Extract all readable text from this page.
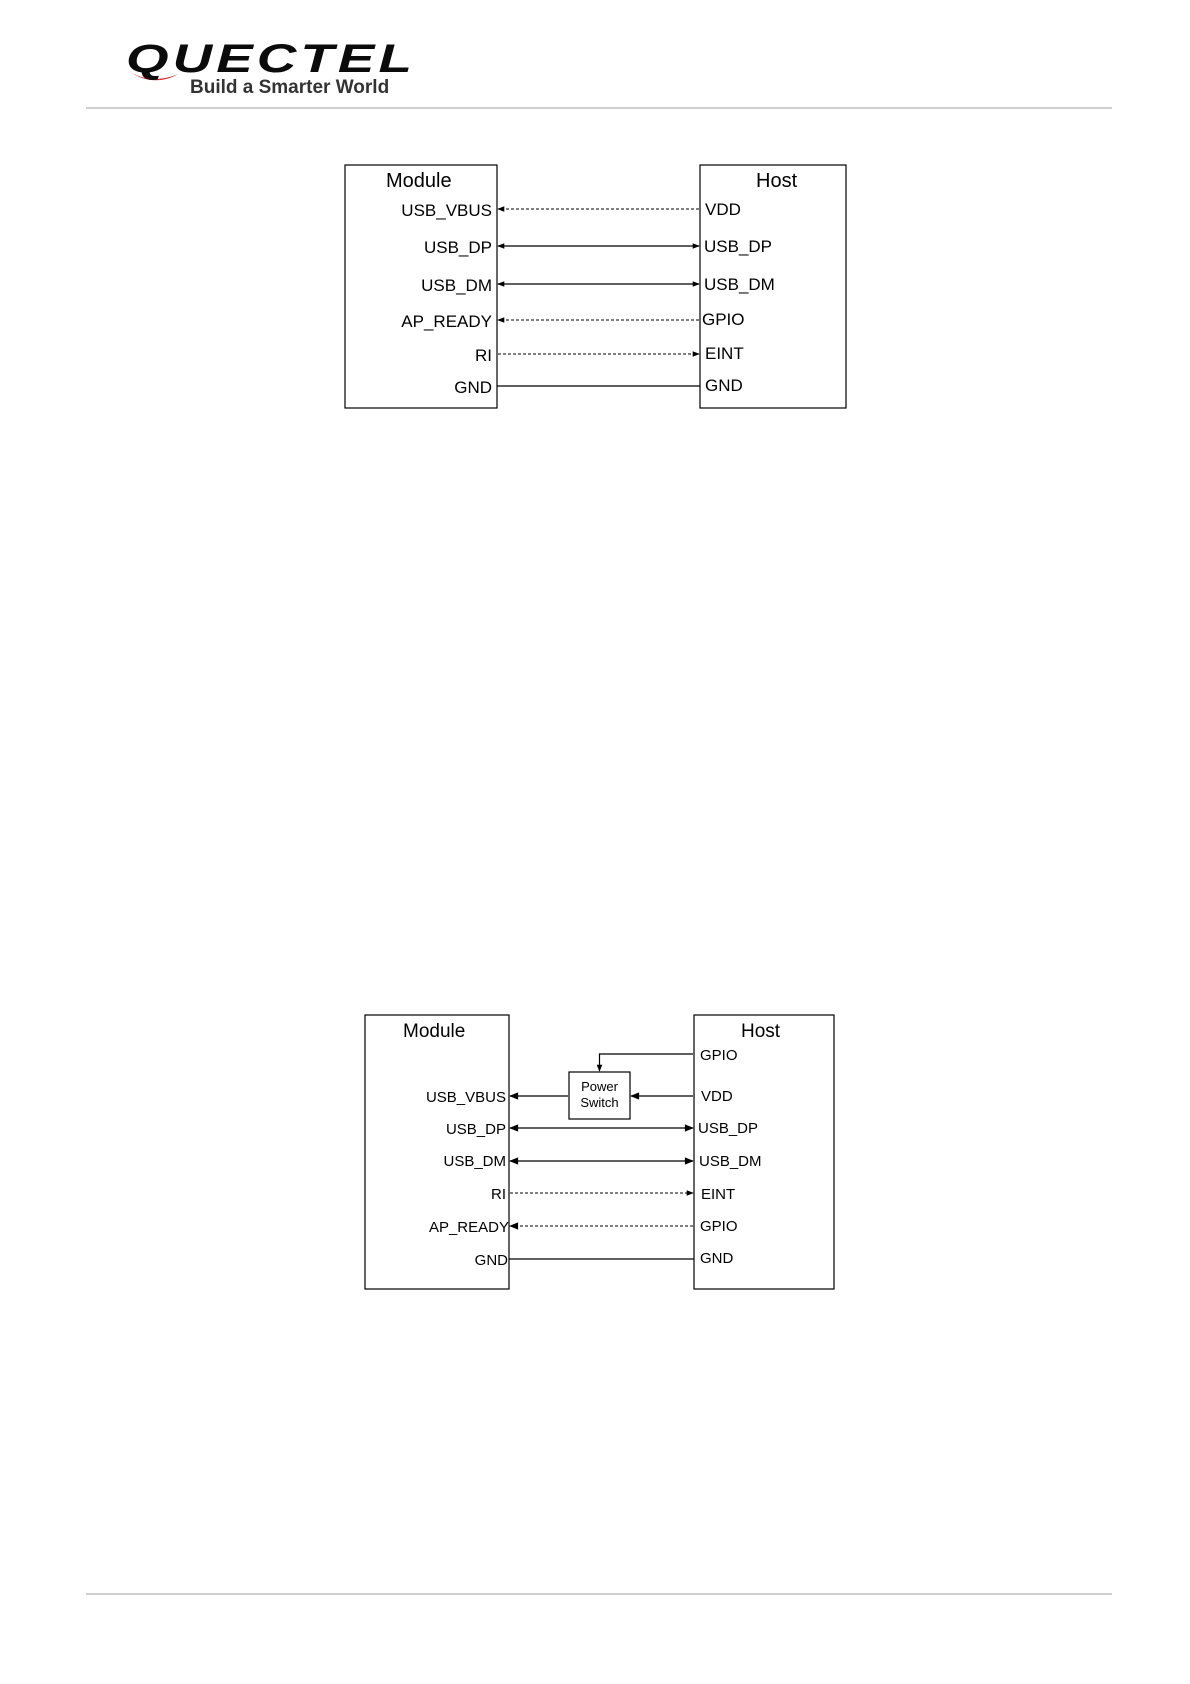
QUECTEL
Build a Smarter World
Module	Host
USB_VBUS
USB_DP
USB_DM
AP_READY
RI
GND
VDD
USB_DP
USB_DM
GPIO
EINT
GND
Module	Host
Power
Switch
USB_VBUS
USB_DP
USB_DM
RI
AP_READY
GND
GPIO
VDD
USB_DP
USB_DM
EINT
GPIO
GND
